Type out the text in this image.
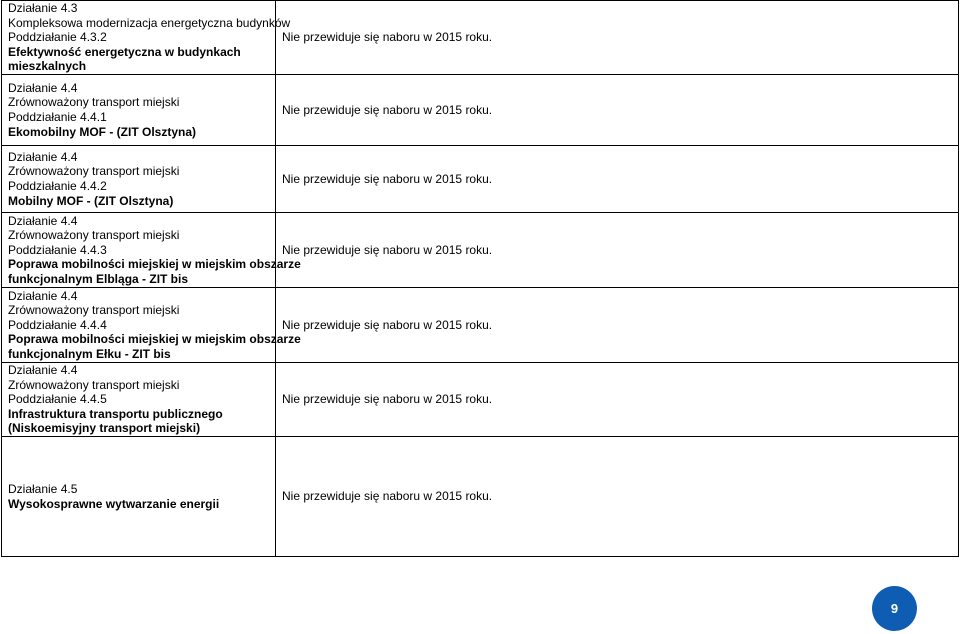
Działanie 4.3
Kompleksowa modernizacja energetyczna budynków
Poddziałanie 4.3.2
Efektywność energetyczna w budynkach
mieszkalnych	Nie przewiduje się naboru w 2015 roku.

Działanie 4.4
Zrównoważony transport miejski
Poddziałanie 4.4.1
Ekomobilny MOF - (ZIT Olsztyna)	Nie przewiduje się naboru w 2015 roku.

Działanie 4.4
Zrównoważony transport miejski
Poddziałanie 4.4.2
Mobilny MOF - (ZIT Olsztyna)	Nie przewiduje się naboru w 2015 roku.

Działanie 4.4
Zrównoważony transport miejski
Poddziałanie 4.4.3
Poprawa mobilności miejskiej w miejskim obszarze
funkcjonalnym Elbląga - ZIT bis	Nie przewiduje się naboru w 2015 roku.

Działanie 4.4
Zrównoważony transport miejski
Poddziałanie 4.4.4
Poprawa mobilności miejskiej w miejskim obszarze
funkcjonalnym Ełku - ZIT bis	Nie przewiduje się naboru w 2015 roku.

Działanie 4.4
Zrównoważony transport miejski
Poddziałanie 4.4.5
Infrastruktura transportu publicznego
(Niskoemisyjny transport miejski)	Nie przewiduje się naboru w 2015 roku.

Działanie 4.5
Wysokosprawne wytwarzanie energii	Nie przewiduje się naboru w 2015 roku.
9
